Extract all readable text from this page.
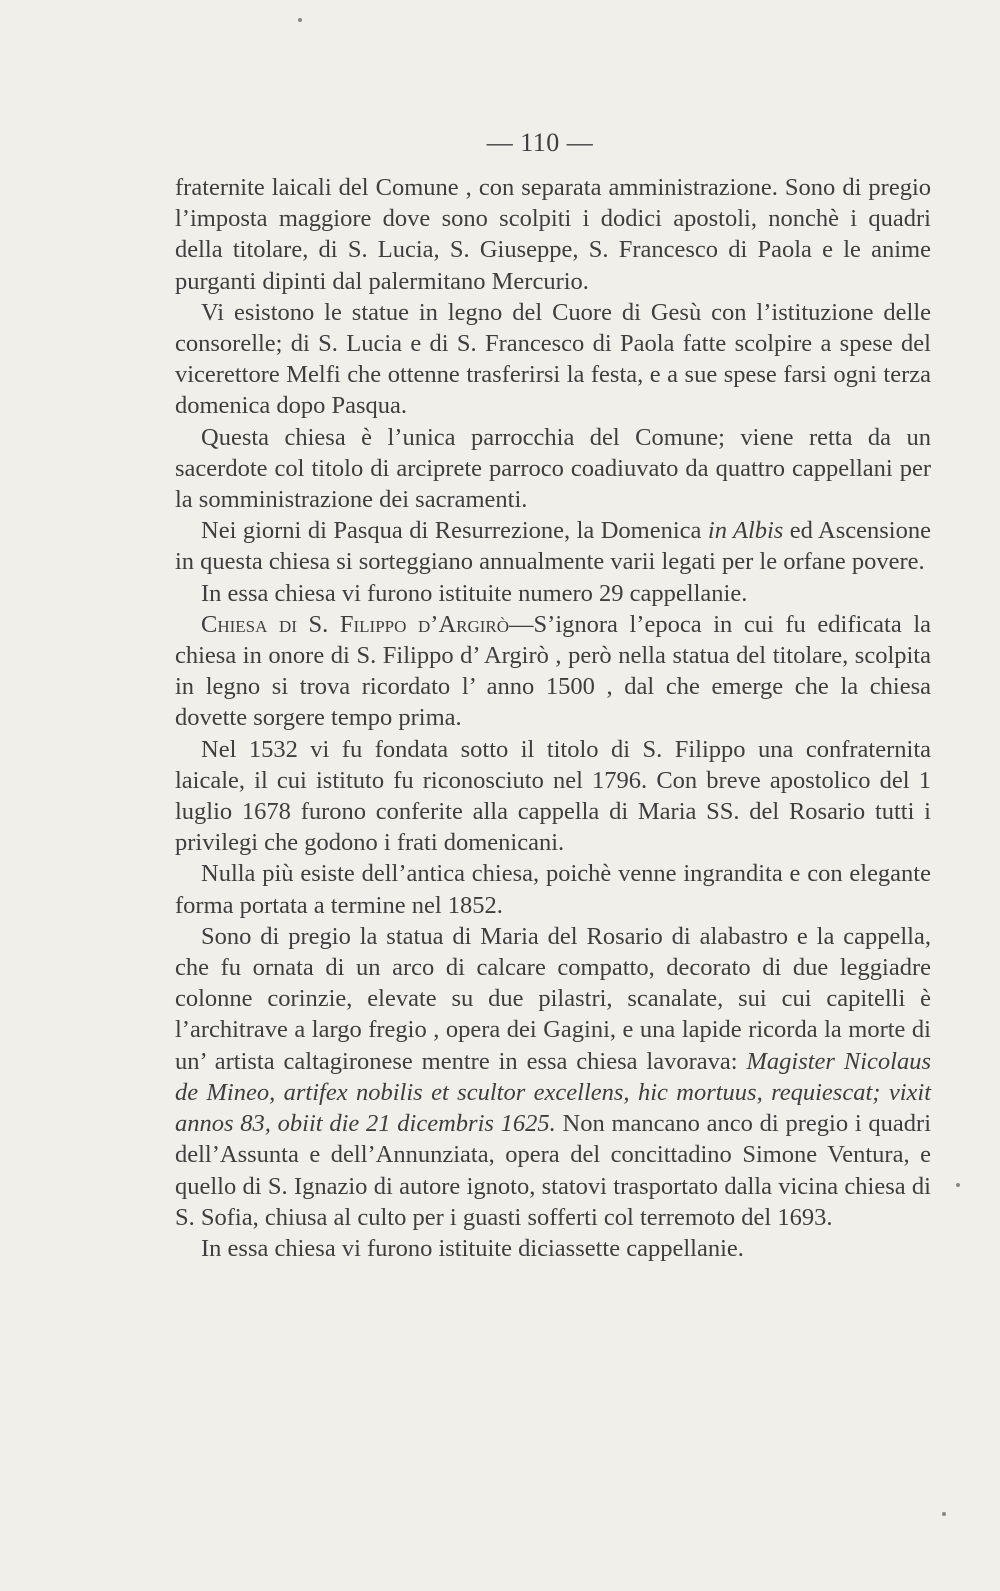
— 110 —

fraternite laicali del Comune , con separata amministrazione. Sono di pregio l’imposta maggiore dove sono scolpiti i dodici apostoli, nonchè i quadri della titolare, di S. Lucia, S. Giuseppe, S. Francesco di Paola e le anime purganti dipinti dal palermitano Mercurio.

Vi esistono le statue in legno del Cuore di Gesù con l’istituzione delle consorelle; di S. Lucia e di S. Francesco di Paola fatte scolpire a spese del vicerettore Melfi che ottenne trasferirsi la festa, e a sue spese farsi ogni terza domenica dopo Pasqua.

Questa chiesa è l’unica parrocchia del Comune; viene retta da un sacerdote col titolo di arciprete parroco coadiuvato da quattro cappellani per la somministrazione dei sacramenti.

Nei giorni di Pasqua di Resurrezione, la Domenica in Albis ed Ascensione in questa chiesa si sorteggiano annualmente varii legati per le orfane povere.

In essa chiesa vi furono istituite numero 29 cappellanie.

Chiesa di S. Filippo d’Argirò—S’ignora l’epoca in cui fu edificata la chiesa in onore di S. Filippo d’ Argirò , però nella statua del titolare, scolpita in legno si trova ricordato l’ anno 1500 , dal che emerge che la chiesa dovette sorgere tempo prima.

Nel 1532 vi fu fondata sotto il titolo di S. Filippo una confraternita laicale, il cui istituto fu riconosciuto nel 1796. Con breve apostolico del 1 luglio 1678 furono conferite alla cappella di Maria SS. del Rosario tutti i privilegi che godono i frati domenicani.

Nulla più esiste dell’antica chiesa, poichè venne ingrandita e con elegante forma portata a termine nel 1852.

Sono di pregio la statua di Maria del Rosario di alabastro e la cappella, che fu ornata di un arco di calcare compatto, decorato di due leggiadre colonne corinzie, elevate su due pilastri, scanalate, sui cui capitelli è l’architrave a largo fregio , opera dei Gagini, e una lapide ricorda la morte di un’ artista caltagironese mentre in essa chiesa lavorava: Magister Nicolaus de Mineo, artifex nobilis et scultor excellens, hic mortuus, requiescat; vixit annos 83, obiit die 21 dicembris 1625. Non mancano anco di pregio i quadri dell’Assunta e dell’Annunziata, opera del concittadino Simone Ventura, e quello di S. Ignazio di autore ignoto, statovi trasportato dalla vicina chiesa di S. Sofia, chiusa al culto per i guasti sofferti col terremoto del 1693.

In essa chiesa vi furono istituite diciassette cappellanie.
